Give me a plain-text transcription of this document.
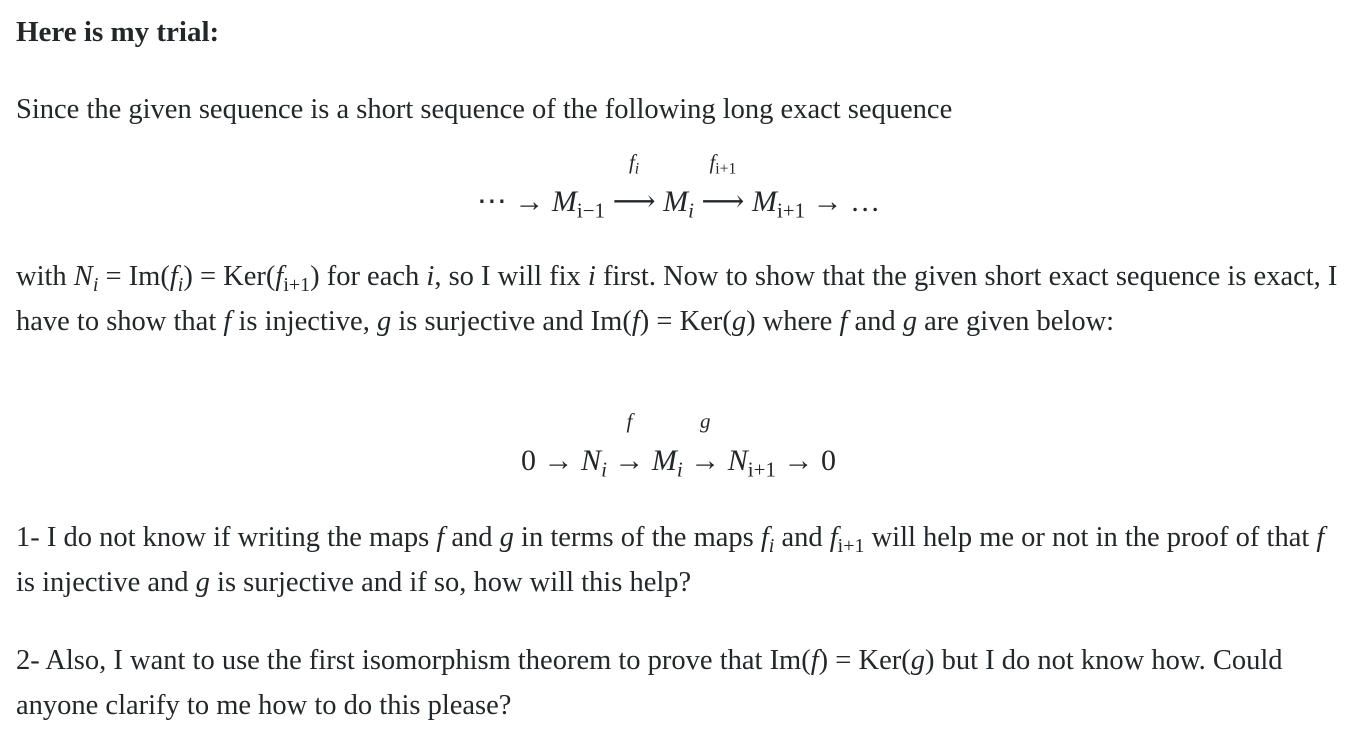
Here is my trial:

Since the given sequence is a short sequence of the following long exact sequence

⋯ → $M_{i-1}$
$f_i$
⟶ $M_i$
$f_{i+1}$
⟶ $M_{i+1}$ → …

with $N_i = Im(f_i) = Ker(f_{i+1})$ for each i, so I will fix i first. Now to show that the given short exact sequence is exact, I have to show that f is injective, g is surjective and Im(f) = Ker(g) where f and g are given below:

$0 \to N_i$
f
→ $M_i$
g
→ $N_{i+1} \to 0$

1- I do not know if writing the maps f and g in terms of the maps $f_i$ and $f_{i+1}$ will help me or not in the proof of that f is injective and g is surjective and if so, how will this help?

2- Also, I want to use the first isomorphism theorem to prove that Im(f) = Ker(g) but I do not know how. Could anyone clarify to me how to do this please?
